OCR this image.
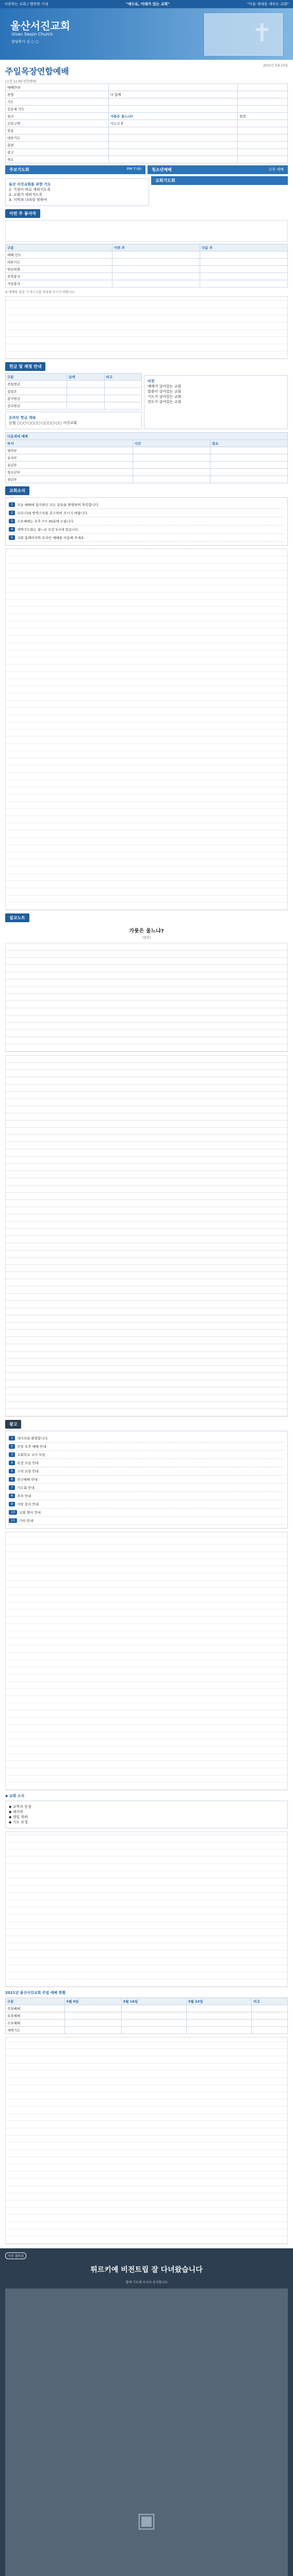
사랑하는 교회 / 행복한 가정	"예수로, 미래가 있는 교회"	"다음 세대를 세우는 교회"
울산서진교회
Ulsan Seojin Church
담임목사 김 ○ ○	✝
주일목장연합예배
2021년 5월 23일
(오전 11:00 연합예배)
예배안내		
찬양	다 함께	
기도		
공동체 기도		
설교	가룟은 울느냐?	말씀
신앙고백	사도신경	
찬송		
대표기도		
봉헌		
광고		
축도		
주보기도회	PM 7:00	청소년예배	오후 예배
울산 서진교회를 위한 기도
1. 가정이 바로 세워지도록
2. 교회가 세워지도록
3. 지역과 나라를 위하여
교회기도회
이번 주 봉사자
구분	이번 주	다음 주
예배 인도		
대표기도		
헌금위원		
주차봉사		
식당봉사		
※ 예배당 출입 시 마스크를 착용해 주시기 바랍니다.
헌금 및 재정 안내
구분	금액	비고
주일헌금		
십일조		
감사헌금		
선교헌금		
온라인 헌금 계좌
농협 ○○○-○○○○-○○○○-○○ 서진교회
비전
예배가 살아있는 교회
말씀이 살아있는 교회
기도가 살아있는 교회
전도가 살아있는 교회
다음세대 예배		
부서	시간	장소
영아부		
유치부		
유년부		
청소년부		
청년부		
교회소식
1	오늘 예배에 참석하신 모든 분들을 환영하며 축복합니다.
2	코로나19 방역수칙을 준수하여 주시기 바랍니다.
3	수요예배는 오후 7시 30분에 드립니다.
4	새벽기도회는 월~금 오전 5시에 있습니다.
5	교회 홈페이지와 온라인 예배를 이용해 주세요.
설교노트
가룟은 울느냐?
(말씀)
광고
1	새가족을 환영합니다.
2	주일 오후 예배 안내
3	교회학교 교사 모임
4	목장 모임 안내
5	구역 모임 안내
6	헌신예배 안내
7	기도회 안내
8	주차 안내
9	식당 봉사 안내
10	교회 행사 안내
11	기타 안내
◆ 교회 소식
◆ 교역자 동정
◆ 새가족
◆ 생일 축하
◆ 기도 요청
2021년 울산서진교회 주일 예배 현황
구분	5월 9일	5월 16일	5월 23일	비고
주일예배				
오후예배				
수요예배				
새벽기도				
사진 갤러리
튀르키예 비전트립 잘 다녀왔습니다
함께 기도해 주셔서 감사합니다
▣
